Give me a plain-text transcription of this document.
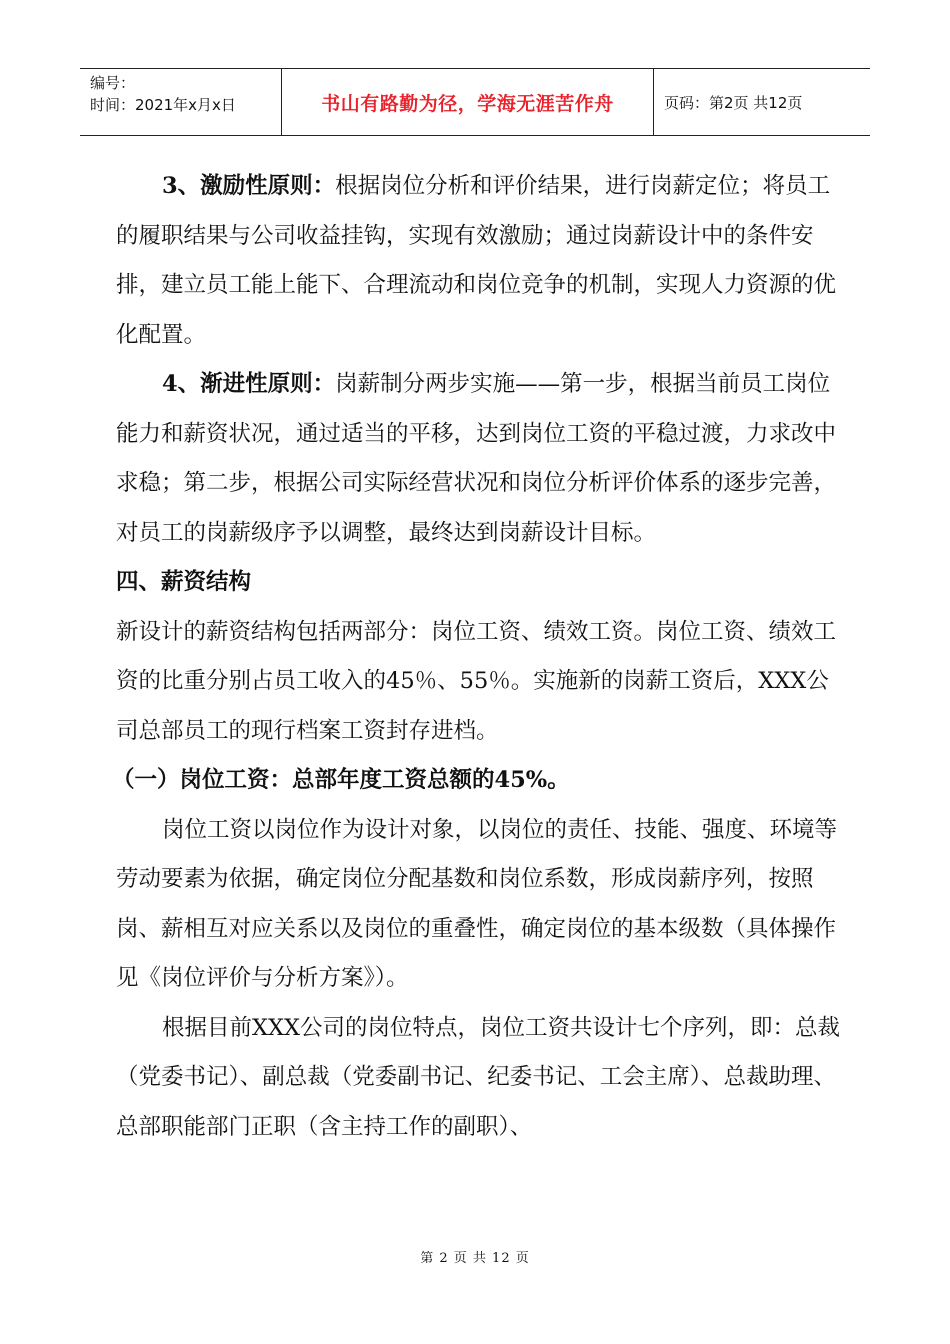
编号：
时间：2021年x月x日	书山有路勤为径，学海无涯苦作舟	页码：第2页 共12页

3、激励性原则：根据岗位分析和评价结果，进行岗薪定位；将员工的履职结果与公司收益挂钩，实现有效激励；通过岗薪设计中的条件安排，建立员工能上能下、合理流动和岗位竞争的机制，实现人力资源的优化配置。

4、渐进性原则：岗薪制分两步实施——第一步，根据当前员工岗位能力和薪资状况，通过适当的平移，达到岗位工资的平稳过渡，力求改中求稳；第二步，根据公司实际经营状况和岗位分析评价体系的逐步完善，对员工的岗薪级序予以调整，最终达到岗薪设计目标。

四、薪资结构

新设计的薪资结构包括两部分：岗位工资、绩效工资。岗位工资、绩效工资的比重分别占员工收入的45％、55％。实施新的岗薪工资后，XXX公司总部员工的现行档案工资封存进档。

（一）岗位工资：总部年度工资总额的45%。

岗位工资以岗位作为设计对象，以岗位的责任、技能、强度、环境等劳动要素为依据，确定岗位分配基数和岗位系数，形成岗薪序列，按照岗、薪相互对应关系以及岗位的重叠性，确定岗位的基本级数（具体操作见《岗位评价与分析方案》）。

根据目前XXX公司的岗位特点，岗位工资共设计七个序列，即：总裁（党委书记）、副总裁（党委副书记、纪委书记、工会主席）、总裁助理、总部职能部门正职（含主持工作的副职）、

第 2 页 共 12 页
